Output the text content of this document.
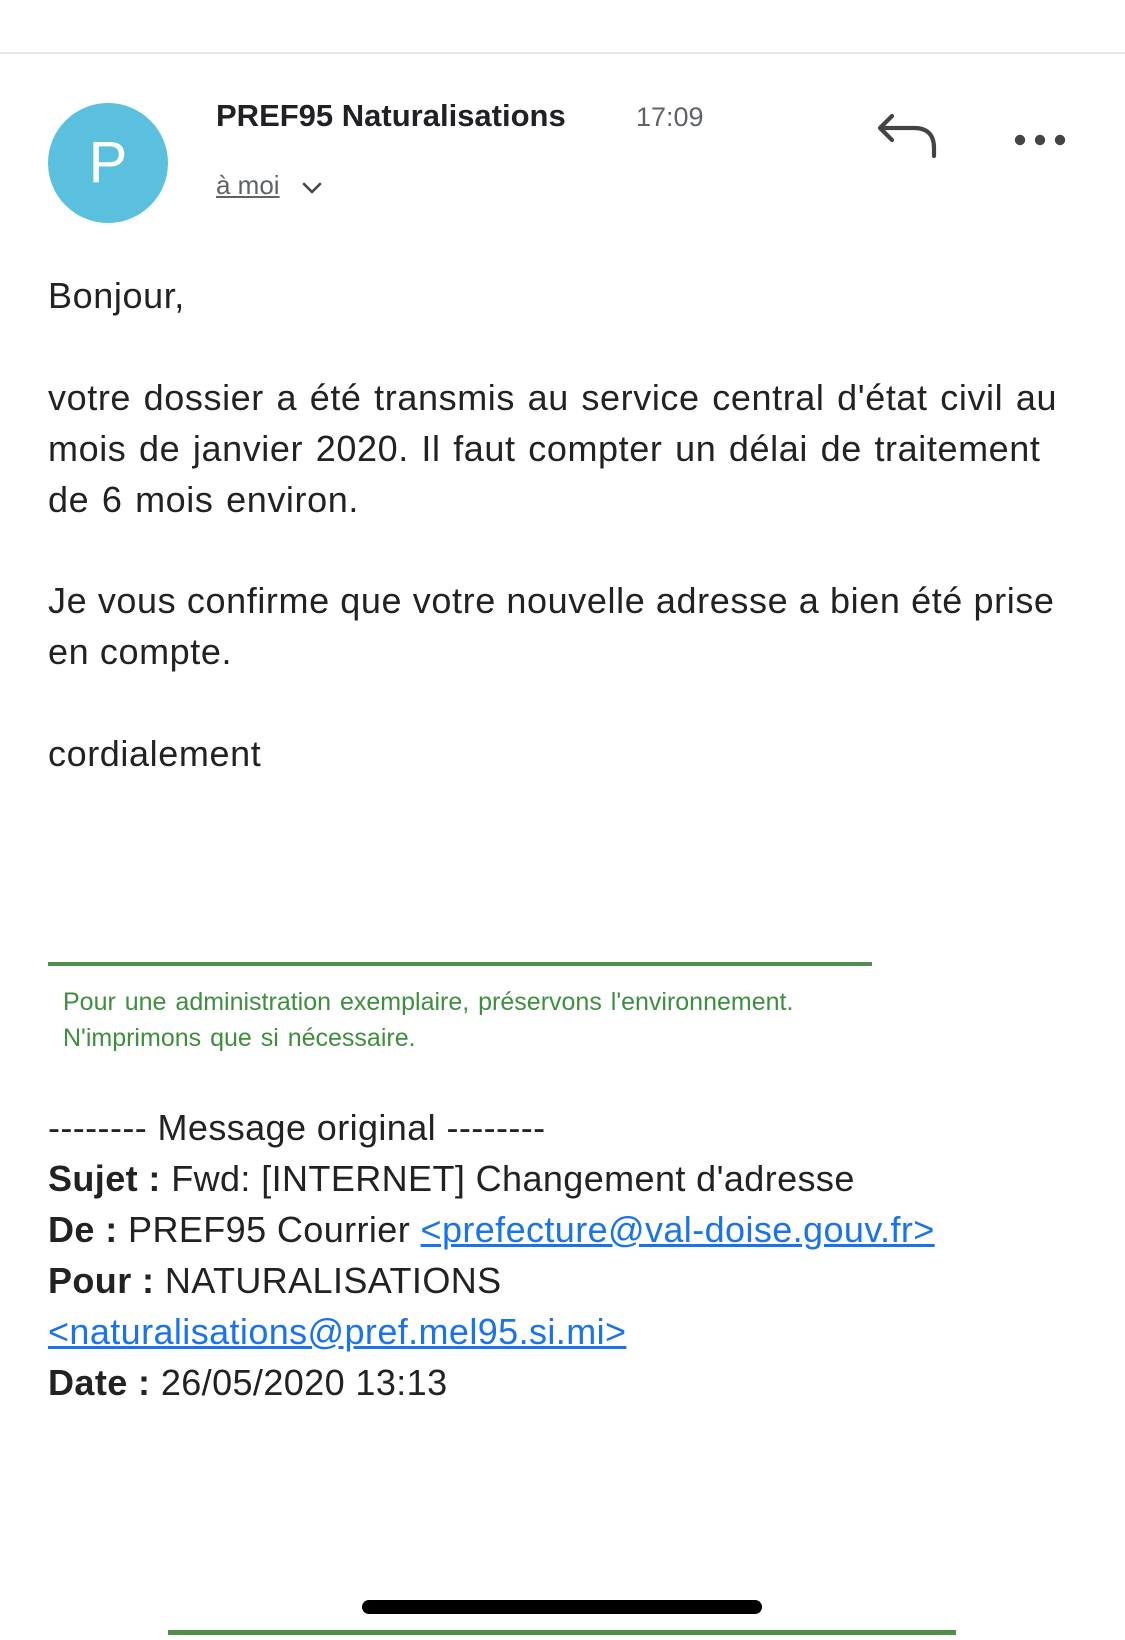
P
PREF95 Naturalisations	17:09
à moi
Bonjour,
votre dossier a été transmis au service central d'état civil au mois de janvier 2020. Il faut compter un délai de traitement de 6 mois environ.
Je vous confirme que votre nouvelle adresse a bien été prise en compte.
cordialement
Pour une administration exemplaire, préservons l'environnement.
N'imprimons que si nécessaire.
-------- Message original --------
Sujet : Fwd: [INTERNET] Changement d'adresse
De : PREF95 Courrier <prefecture@val-doise.gouv.fr>
Pour : NATURALISATIONS
<naturalisations@pref.mel95.si.mi>
Date : 26/05/2020 13:13
